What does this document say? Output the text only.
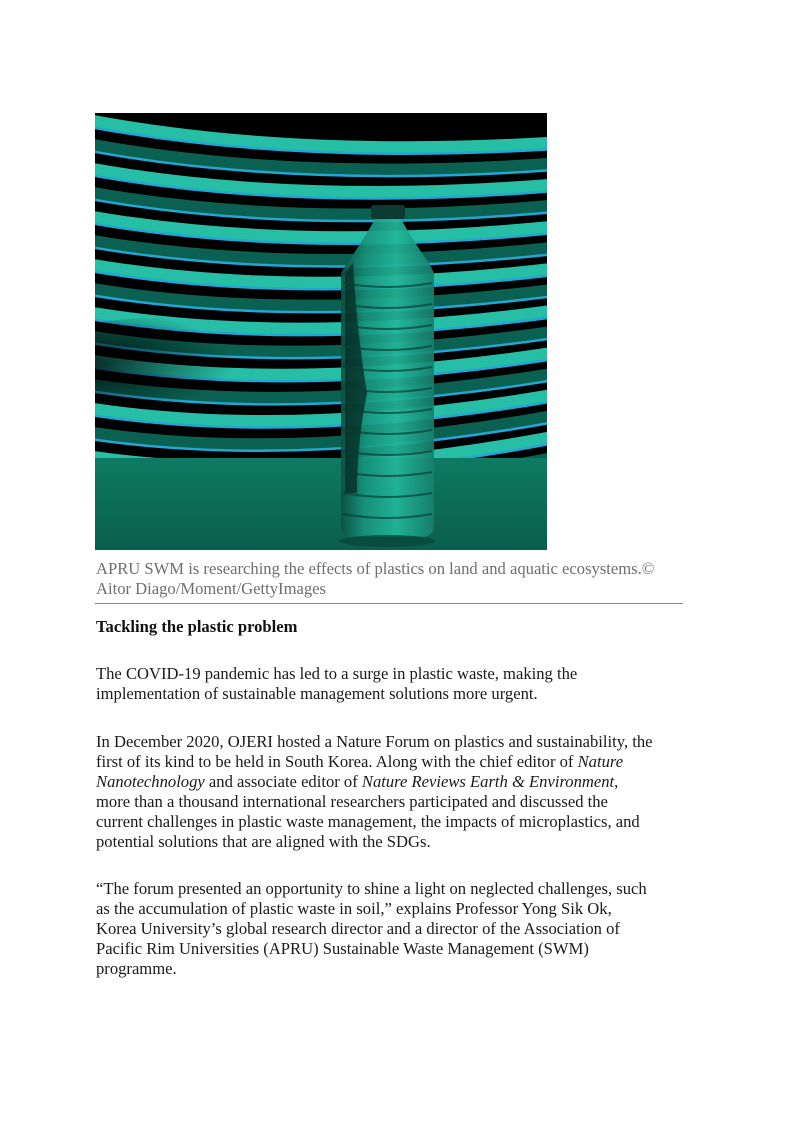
APRU SWM is researching the effects of plastics on land and aquatic ecosystems.©
Aitor Diago/Moment/GettyImages
Tackling the plastic problem
The COVID-19 pandemic has led to a surge in plastic waste, making the
implementation of sustainable management solutions more urgent.
In December 2020, OJERI hosted a Nature Forum on plastics and sustainability, the
first of its kind to be held in South Korea. Along with the chief editor of Nature
Nanotechnology and associate editor of Nature Reviews Earth & Environment,
more than a thousand international researchers participated and discussed the
current challenges in plastic waste management, the impacts of microplastics, and
potential solutions that are aligned with the SDGs.
“The forum presented an opportunity to shine a light on neglected challenges, such
as the accumulation of plastic waste in soil,” explains Professor Yong Sik Ok,
Korea University’s global research director and a director of the Association of
Pacific Rim Universities (APRU) Sustainable Waste Management (SWM)
programme.
